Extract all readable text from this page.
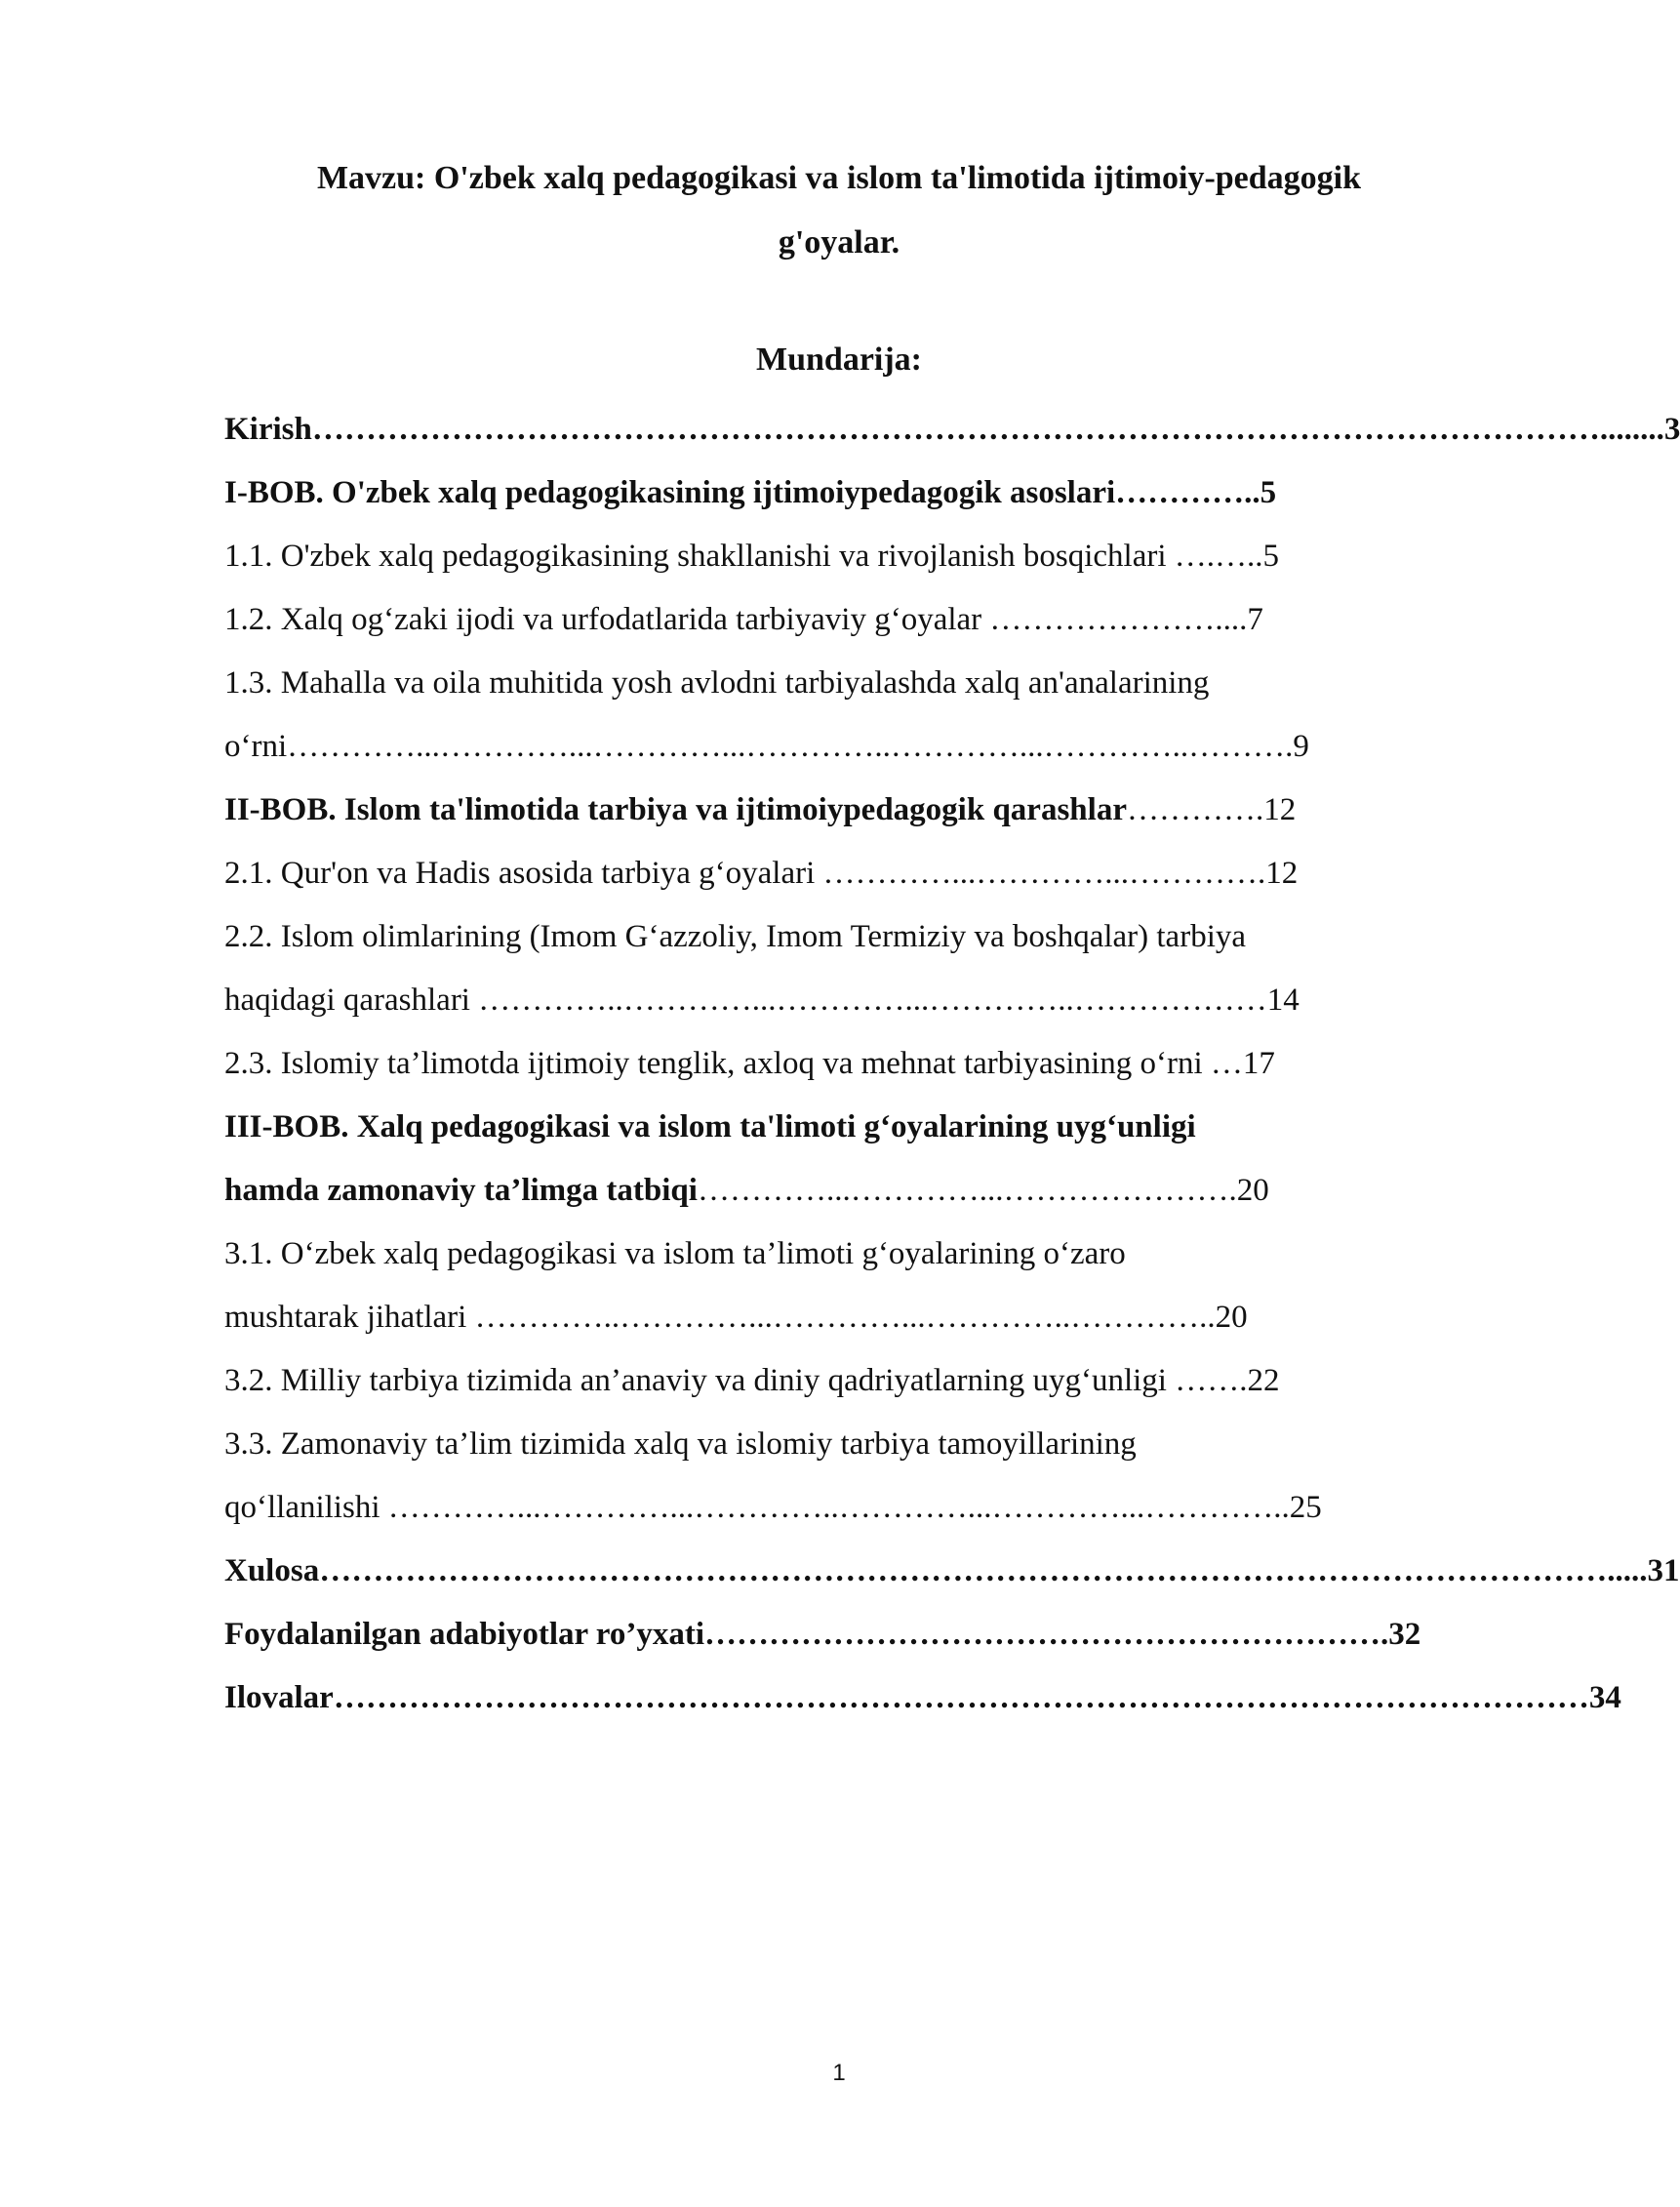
Mavzu: O'zbek xalq pedagogikasi va islom ta'limotida ijtimoiy-pedagogik
g'oyalar.
Mundarija:
Kirish…………………………………………………………………………………………………………........3
I-BOB. O'zbek xalq pedagogikasining ijtimoiypedagogik asoslari…………..5
1.1. O'zbek xalq pedagogikasining shakllanishi va rivojlanish bosqichlari ….…..5
1.2. Xalq og‘zaki ijodi va urfodatlarida tarbiyaviy g‘oyalar …………………....7
1.3. Mahalla va oila muhitida yosh avlodni tarbiyalashda xalq an'analarining
o‘rni…………...…………...…………...…………..…………...…………..……….9
II-BOB. Islom ta'limotida tarbiya va ijtimoiypedagogik qarashlar………….12
2.1. Qur'on va Hadis asosida tarbiya g‘oyalari …………...…………...………….12
2.2. Islom olimlarining (Imom G‘azzoliy, Imom Termiziy va boshqalar) tarbiya
haqidagi qarashlari …………..…………...…………...…………..………………14
2.3. Islomiy ta’limotda ijtimoiy tenglik, axloq va mehnat tarbiyasining o‘rni …17
III-BOB. Xalq pedagogikasi va islom ta'limoti g‘oyalarining uyg‘unligi
hamda zamonaviy ta’limga tatbiqi…………...…………...………………….20
3.1. O‘zbek xalq pedagogikasi va islom ta’limoti g‘oyalarining o‘zaro
mushtarak jihatlari …………..…………...…………...…………..…………..20
3.2. Milliy tarbiya tizimida an’anaviy va diniy qadriyatlarning uyg‘unligi …….22
3.3. Zamonaviy ta’lim tizimida xalq va islomiy tarbiya tamoyillarining
qo‘llanilishi …………...…………...…………..…………...…………...…………..25
Xulosa………………………………………………………………………………………………………….....31
Foydalanilgan adabiyotlar ro’yxati……………………………………………………….32
Ilovalar………………………………………………………………………………………………………34
1
